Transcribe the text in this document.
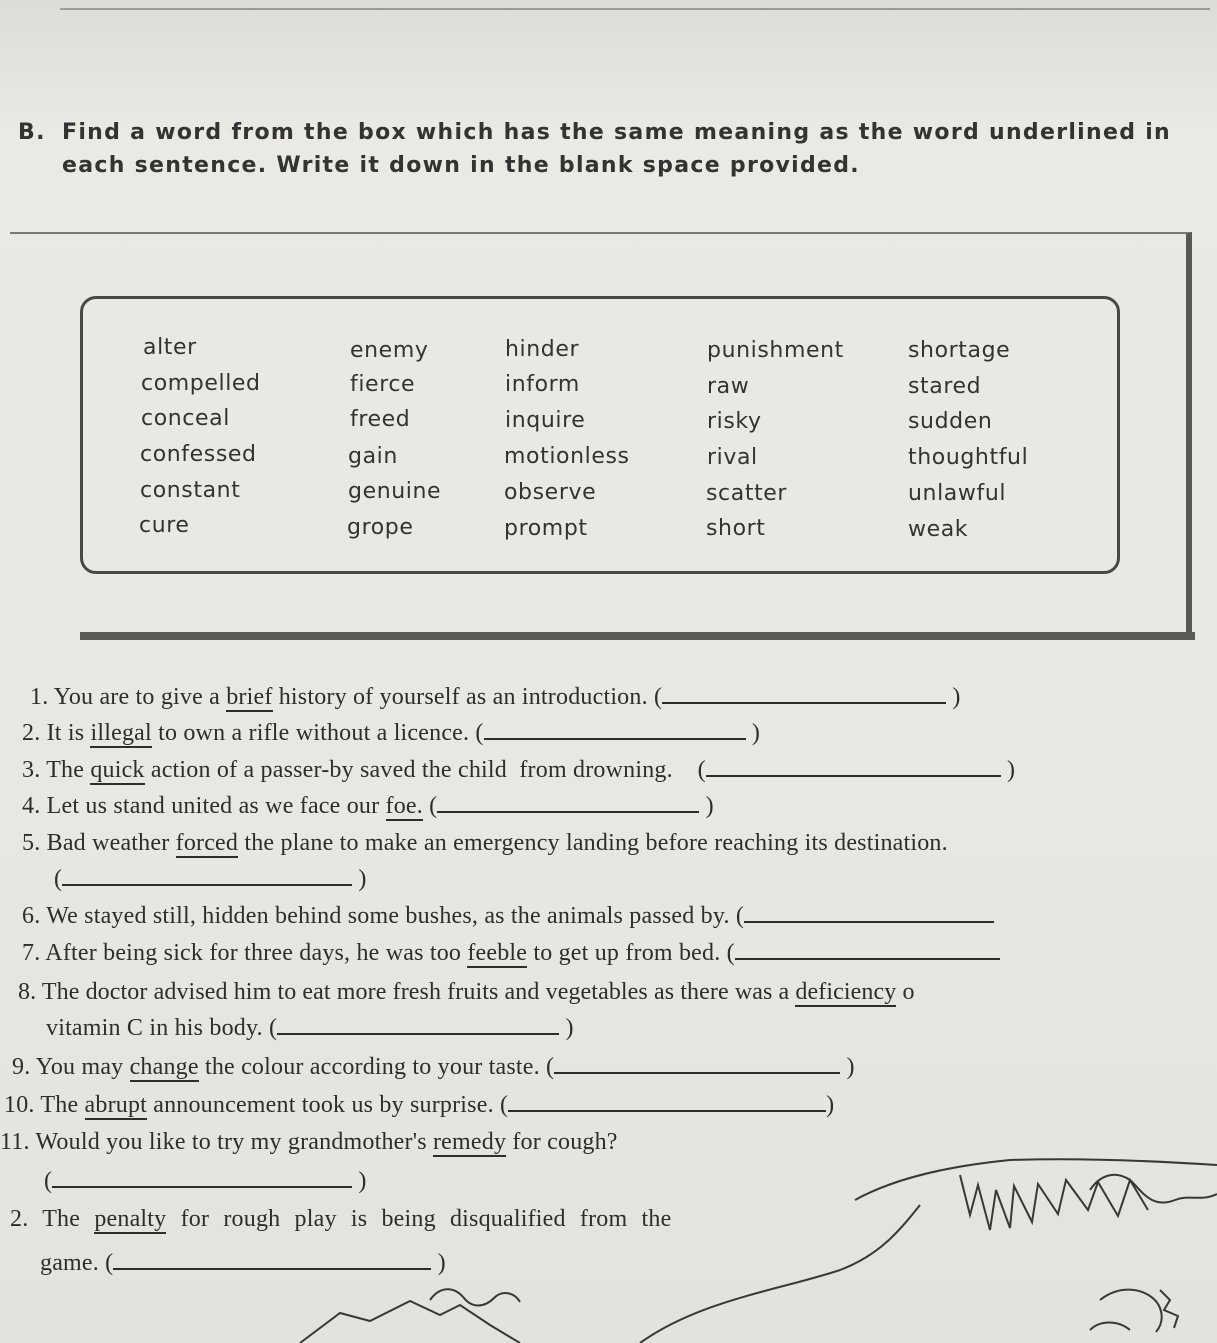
B. Find a word from the box which has the same meaning as the word underlined in
each sentence. Write it down in the blank space provided.
alter	enemy	hinder	punishment	shortage
compelled	fierce	inform	raw	stared
conceal	freed	inquire	risky	sudden
confessed	gain	motionless	rival	thoughtful
constant	genuine	observe	scatter	unlawful
cure	grope	prompt	short	weak
1. You are to give a brief history of yourself as an introduction. (	)
2. It is illegal to own a rifle without a licence. (	)
3. The quick action of a passer-by saved the child  from drowning.    (	)
4. Let us stand united as we face our foe. (	)
5. Bad weather forced the plane to make an emergency landing before reaching its destination.
(	)
6. We stayed still, hidden behind some bushes, as the animals passed by. (
7. After being sick for three days, he was too feeble to get up from bed. (
8. The doctor advised him to eat more fresh fruits and vegetables as there was a deficiency o
vitamin C in his body. (	)
9. You may change the colour according to your taste. (	)
10. The abrupt announcement took us by surprise. (	)
11. Would you like to try my grandmother's remedy for cough?
(	)
2. The penalty for rough play is being disqualified from the
game. (	)
